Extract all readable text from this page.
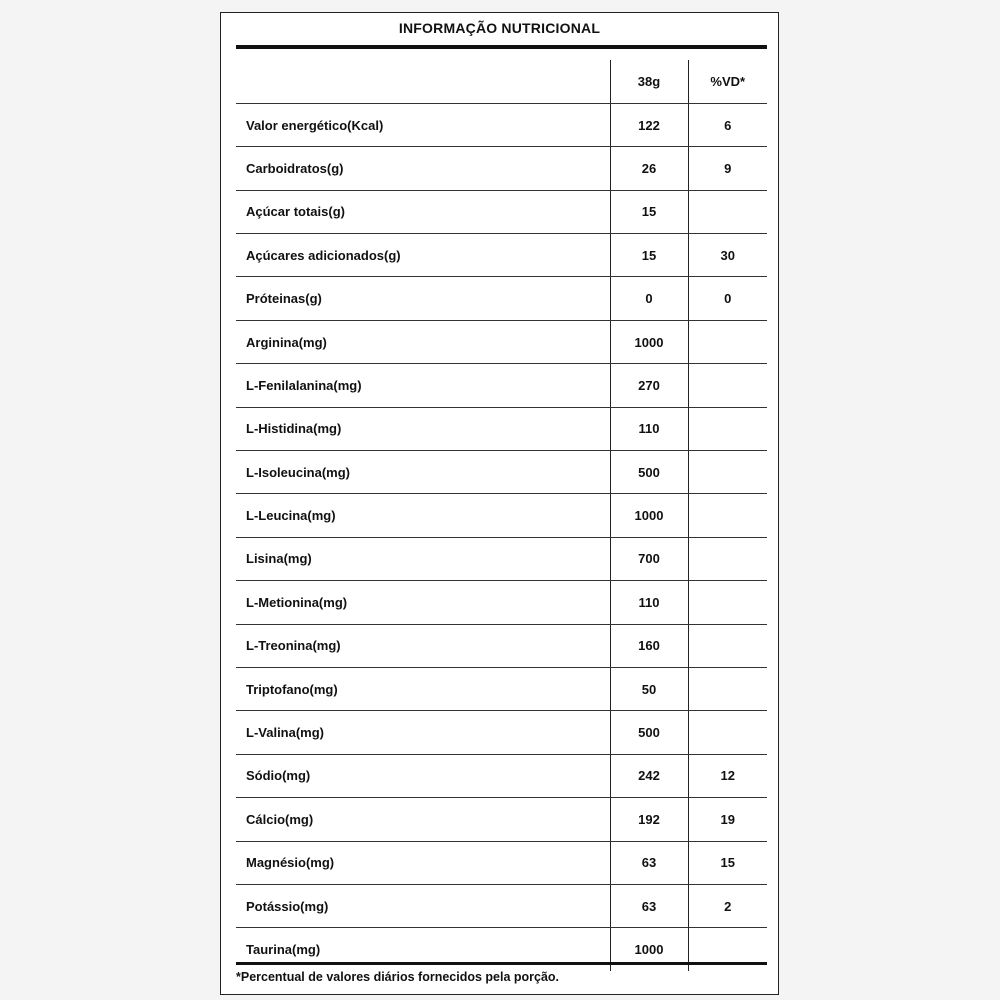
INFORMAÇÃO NUTRICIONAL
	38g	%VD*
Valor energético(Kcal)	122	6
Carboidratos(g)	26	9
Açúcar totais(g)	15	
Açúcares adicionados(g)	15	30
Próteinas(g)	0	0
Arginina(mg)	1000	
L-Fenilalanina(mg)	270	
L-Histidina(mg)	110	
L-Isoleucina(mg)	500	
L-Leucina(mg)	1000	
Lisina(mg)	700	
L-Metionina(mg)	110	
L-Treonina(mg)	160	
Triptofano(mg)	50	
L-Valina(mg)	500	
Sódio(mg)	242	12
Cálcio(mg)	192	19
Magnésio(mg)	63	15
Potássio(mg)	63	2
Taurina(mg)	1000	
*Percentual de valores diários fornecidos pela porção.
